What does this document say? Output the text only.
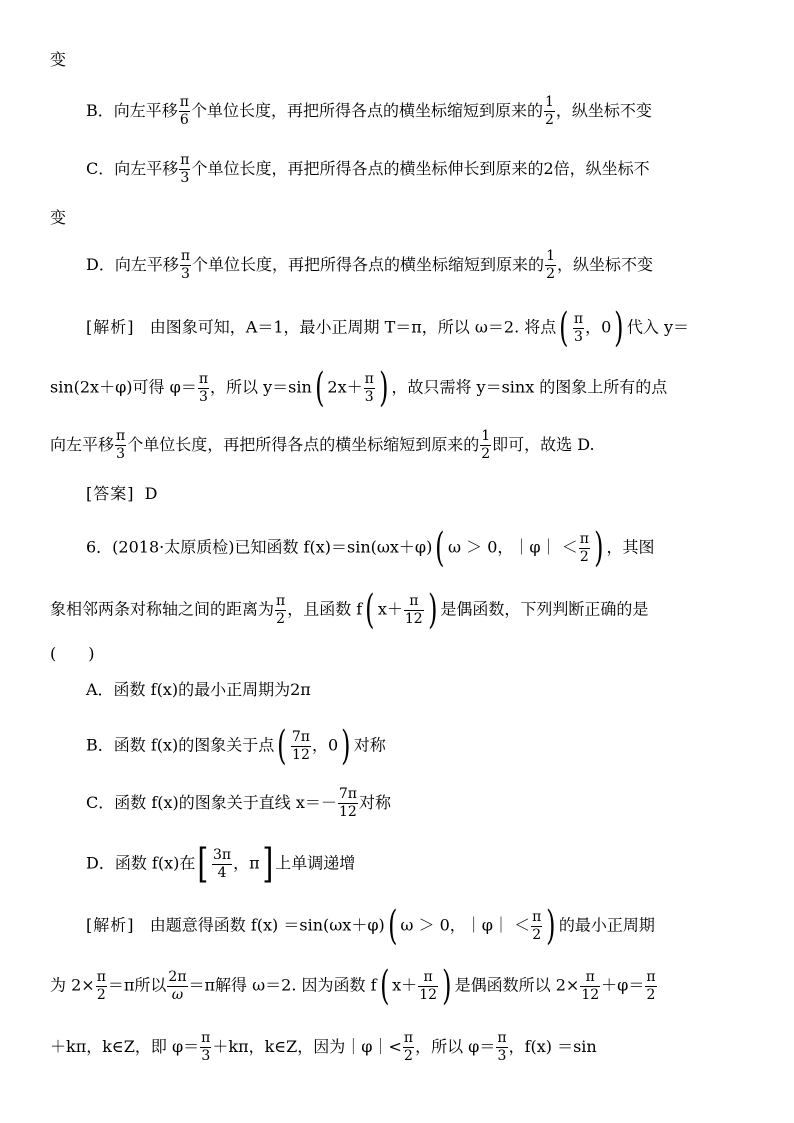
变
B．向左平移 $\frac{\pi}{6}$ 个单位长度，再把所得各点的横坐标缩短到原来的 $\frac{1}{2}$ ，纵坐标不变
C．向左平移 $\frac{\pi}{3}$ 个单位长度，再把所得各点的横坐标伸长到原来的2倍，纵坐标不
变
D．向左平移 $\frac{\pi}{3}$ 个单位长度，再把所得各点的横坐标缩短到原来的 $\frac{1}{2}$ ，纵坐标不变
[解析] 由图象可知，A＝1，最小正周期 T＝π，所以 ω＝2. 将点( $\frac{\pi}{3}$ ，0) 代入 y＝
sin(2x＋φ)可得 $\varphi= \frac{\pi}{3}$ ，所以 y＝sin( $2x+ \frac{\pi}{3}$ ) ，故只需将 y＝sinx 的图象上所有的点
向左平移 $\frac{\pi}{3}$ 个单位长度，再把所得各点的横坐标缩短到原来的 $\frac{1}{2}$ 即可，故选 D.
[答案] D
6．(2018·太原质检)已知函数 f(x)＝sin(ωx＋φ)( ω ＞ 0，｜φ｜ ＜ $\frac{\pi}{2}$ ) ，其图
象相邻两条对称轴之间的距离为 $\frac{\pi}{2}$ ，且函数 f( $x+ \frac{\pi}{12}$ ) 是偶函数，下列判断正确的是
(　　)
A．函数 f(x)的最小正周期为2π
B．函数 f(x)的图象关于点( $\frac{7\pi}{12}$ ，0) 对称
C．函数 f(x)的图象关于直线 $x=- \frac{7\pi}{12}$ 对称
D．函数 f(x)在[ $\frac{3\pi}{4}$ ，π] 上单调递增
[解析] 由题意得函数 f(x) ＝sin(ωx＋φ)( ω ＞ 0，｜φ｜ ＜ $\frac{\pi}{2}$ ) 的最小正周期
为 $2\times \frac{\pi}{2} =\pi$所以 $\frac{2\pi}{\omega} =\pi$解得 ω＝2. 因为函数 f( $x+ \frac{\pi}{12}$ ) 是偶函数所以 $2\times \frac{\pi}{12} +\varphi= \frac{\pi}{2}$
＋kπ，k∈Z，即 $\varphi= \frac{\pi}{3} +k\pi$，k∈Z，因为｜φ｜< $\frac{\pi}{2}$ ，所以 $\varphi= \frac{\pi}{3}$ ，f(x) ＝sin
